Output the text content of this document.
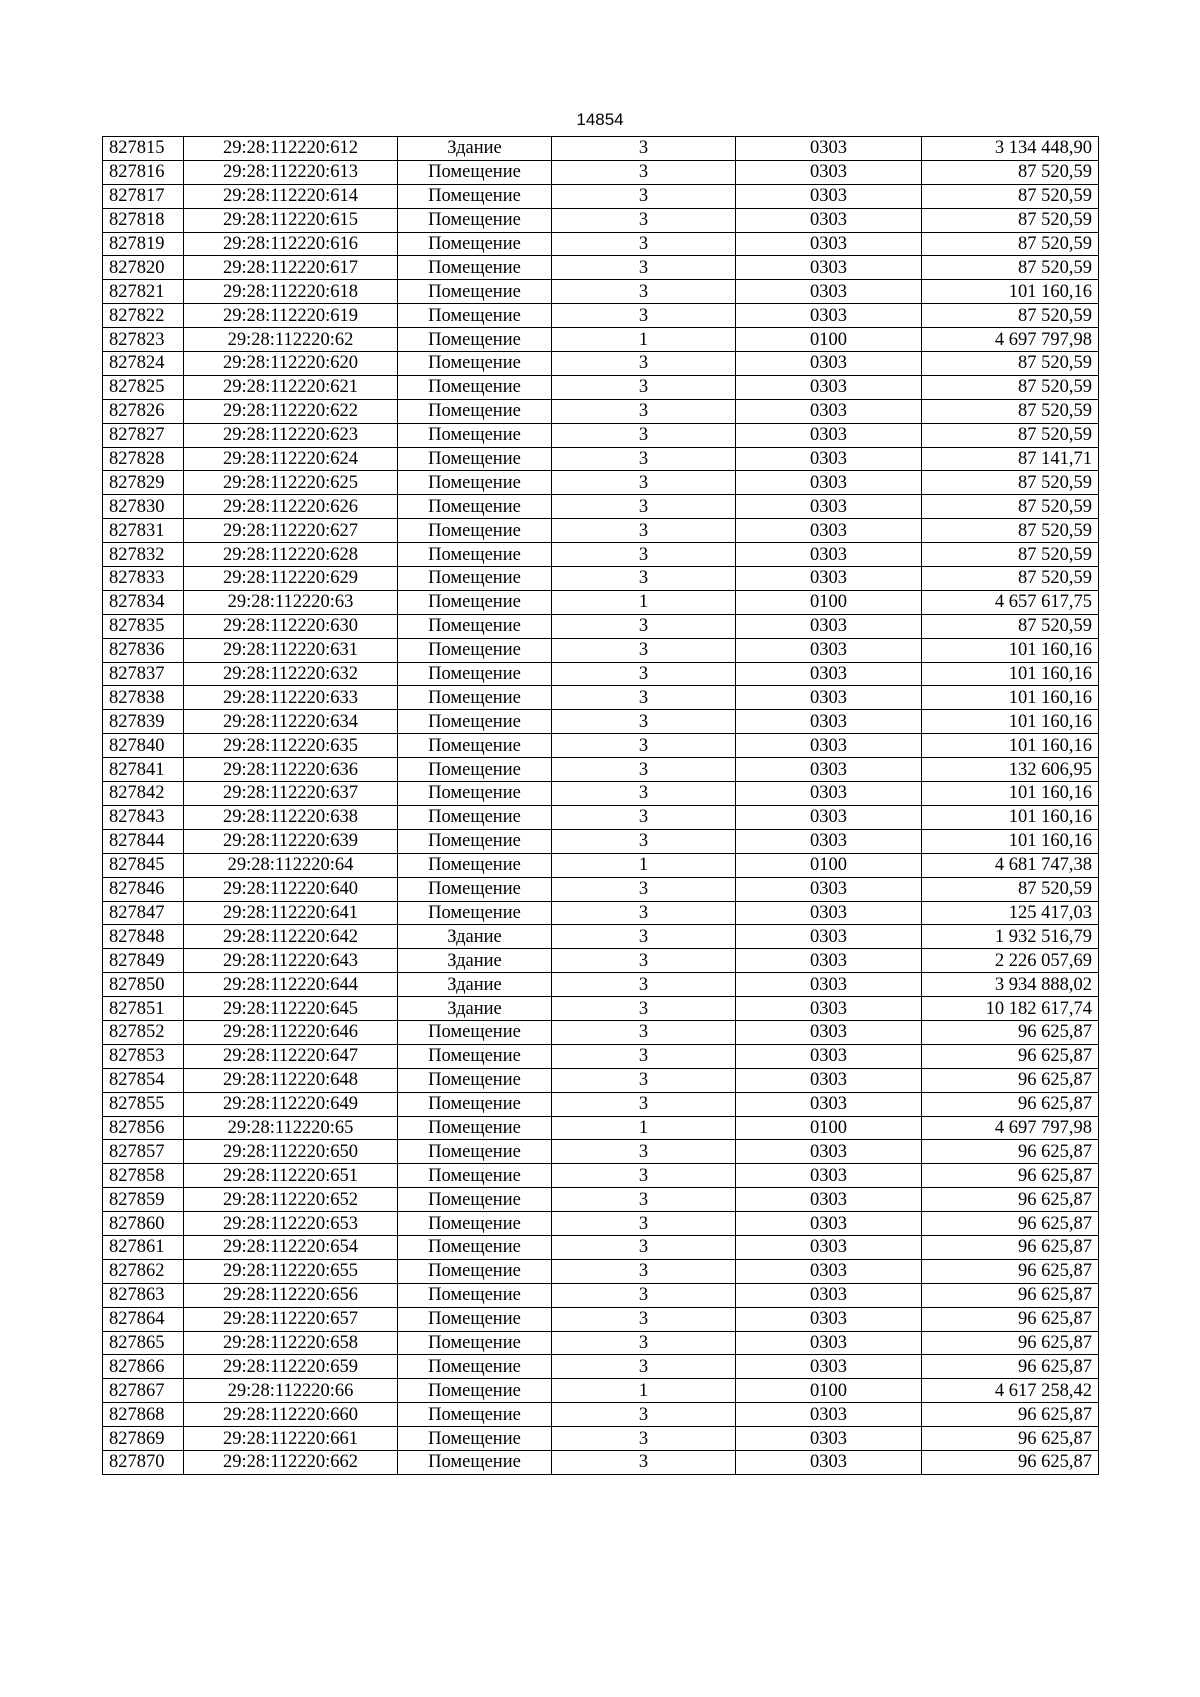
14854
827815	29:28:112220:612	Здание	3	0303	3 134 448,90
827816	29:28:112220:613	Помещение	3	0303	87 520,59
827817	29:28:112220:614	Помещение	3	0303	87 520,59
827818	29:28:112220:615	Помещение	3	0303	87 520,59
827819	29:28:112220:616	Помещение	3	0303	87 520,59
827820	29:28:112220:617	Помещение	3	0303	87 520,59
827821	29:28:112220:618	Помещение	3	0303	101 160,16
827822	29:28:112220:619	Помещение	3	0303	87 520,59
827823	29:28:112220:62	Помещение	1	0100	4 697 797,98
827824	29:28:112220:620	Помещение	3	0303	87 520,59
827825	29:28:112220:621	Помещение	3	0303	87 520,59
827826	29:28:112220:622	Помещение	3	0303	87 520,59
827827	29:28:112220:623	Помещение	3	0303	87 520,59
827828	29:28:112220:624	Помещение	3	0303	87 141,71
827829	29:28:112220:625	Помещение	3	0303	87 520,59
827830	29:28:112220:626	Помещение	3	0303	87 520,59
827831	29:28:112220:627	Помещение	3	0303	87 520,59
827832	29:28:112220:628	Помещение	3	0303	87 520,59
827833	29:28:112220:629	Помещение	3	0303	87 520,59
827834	29:28:112220:63	Помещение	1	0100	4 657 617,75
827835	29:28:112220:630	Помещение	3	0303	87 520,59
827836	29:28:112220:631	Помещение	3	0303	101 160,16
827837	29:28:112220:632	Помещение	3	0303	101 160,16
827838	29:28:112220:633	Помещение	3	0303	101 160,16
827839	29:28:112220:634	Помещение	3	0303	101 160,16
827840	29:28:112220:635	Помещение	3	0303	101 160,16
827841	29:28:112220:636	Помещение	3	0303	132 606,95
827842	29:28:112220:637	Помещение	3	0303	101 160,16
827843	29:28:112220:638	Помещение	3	0303	101 160,16
827844	29:28:112220:639	Помещение	3	0303	101 160,16
827845	29:28:112220:64	Помещение	1	0100	4 681 747,38
827846	29:28:112220:640	Помещение	3	0303	87 520,59
827847	29:28:112220:641	Помещение	3	0303	125 417,03
827848	29:28:112220:642	Здание	3	0303	1 932 516,79
827849	29:28:112220:643	Здание	3	0303	2 226 057,69
827850	29:28:112220:644	Здание	3	0303	3 934 888,02
827851	29:28:112220:645	Здание	3	0303	10 182 617,74
827852	29:28:112220:646	Помещение	3	0303	96 625,87
827853	29:28:112220:647	Помещение	3	0303	96 625,87
827854	29:28:112220:648	Помещение	3	0303	96 625,87
827855	29:28:112220:649	Помещение	3	0303	96 625,87
827856	29:28:112220:65	Помещение	1	0100	4 697 797,98
827857	29:28:112220:650	Помещение	3	0303	96 625,87
827858	29:28:112220:651	Помещение	3	0303	96 625,87
827859	29:28:112220:652	Помещение	3	0303	96 625,87
827860	29:28:112220:653	Помещение	3	0303	96 625,87
827861	29:28:112220:654	Помещение	3	0303	96 625,87
827862	29:28:112220:655	Помещение	3	0303	96 625,87
827863	29:28:112220:656	Помещение	3	0303	96 625,87
827864	29:28:112220:657	Помещение	3	0303	96 625,87
827865	29:28:112220:658	Помещение	3	0303	96 625,87
827866	29:28:112220:659	Помещение	3	0303	96 625,87
827867	29:28:112220:66	Помещение	1	0100	4 617 258,42
827868	29:28:112220:660	Помещение	3	0303	96 625,87
827869	29:28:112220:661	Помещение	3	0303	96 625,87
827870	29:28:112220:662	Помещение	3	0303	96 625,87
